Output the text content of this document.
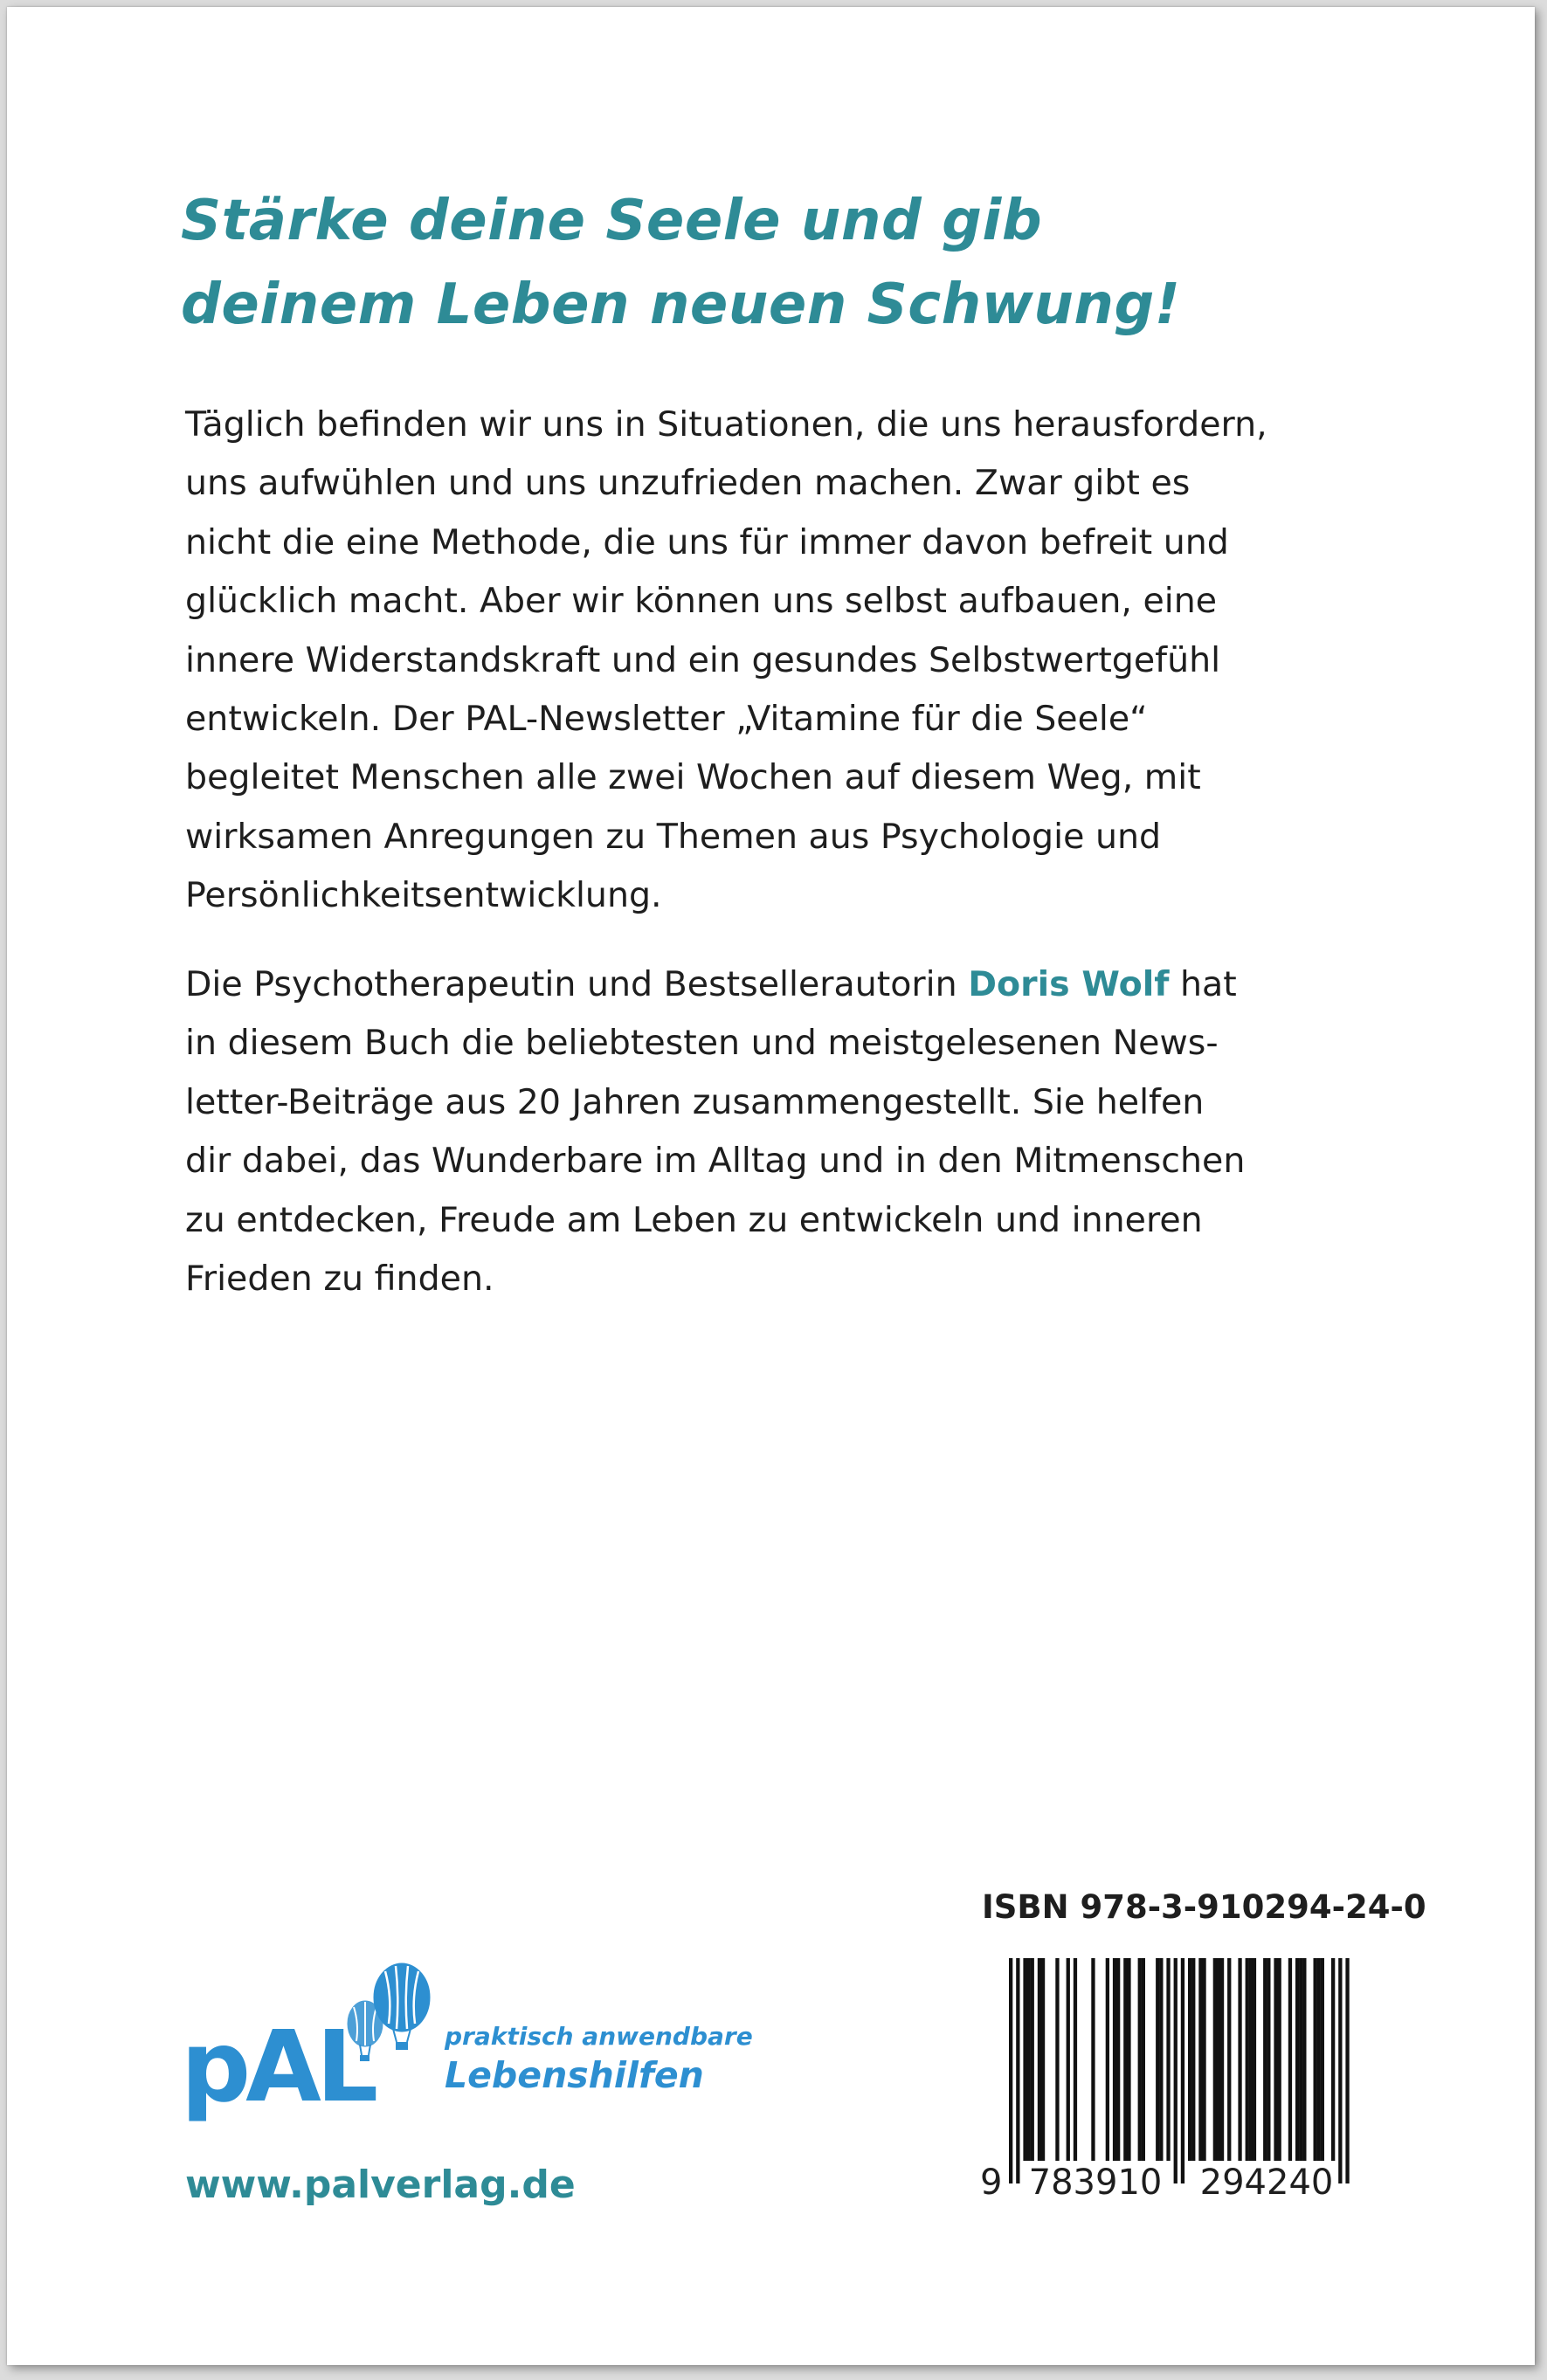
Stärke deine Seele und gib
deinem Leben neuen Schwung!
Täglich befinden wir uns in Situationen, die uns herausfordern,
uns aufwühlen und uns unzufrieden machen. Zwar gibt es
nicht die eine Methode, die uns für immer davon befreit und
glücklich macht. Aber wir können uns selbst aufbauen, eine
innere Widerstandskraft und ein gesundes Selbstwertgefühl
entwickeln. Der PAL-Newsletter „Vitamine für die Seele“
begleitet Menschen alle zwei Wochen auf diesem Weg, mit
wirksamen Anregungen zu Themen aus Psychologie und
Persönlichkeitsentwicklung.
Die Psychotherapeutin und Bestsellerautorin Doris Wolf hat
in diesem Buch die beliebtesten und meistgelesenen News-
letter-Beiträge aus 20 Jahren zusammengestellt. Sie helfen
dir dabei, das Wunderbare im Alltag und in den Mitmenschen
zu entdecken, Freude am Leben zu entwickeln und inneren
Frieden zu finden.
pAL	praktisch anwendbare
Lebenshilfen
www.palverlag.de
ISBN 978-3-910294-24-0
9 783910 294240
